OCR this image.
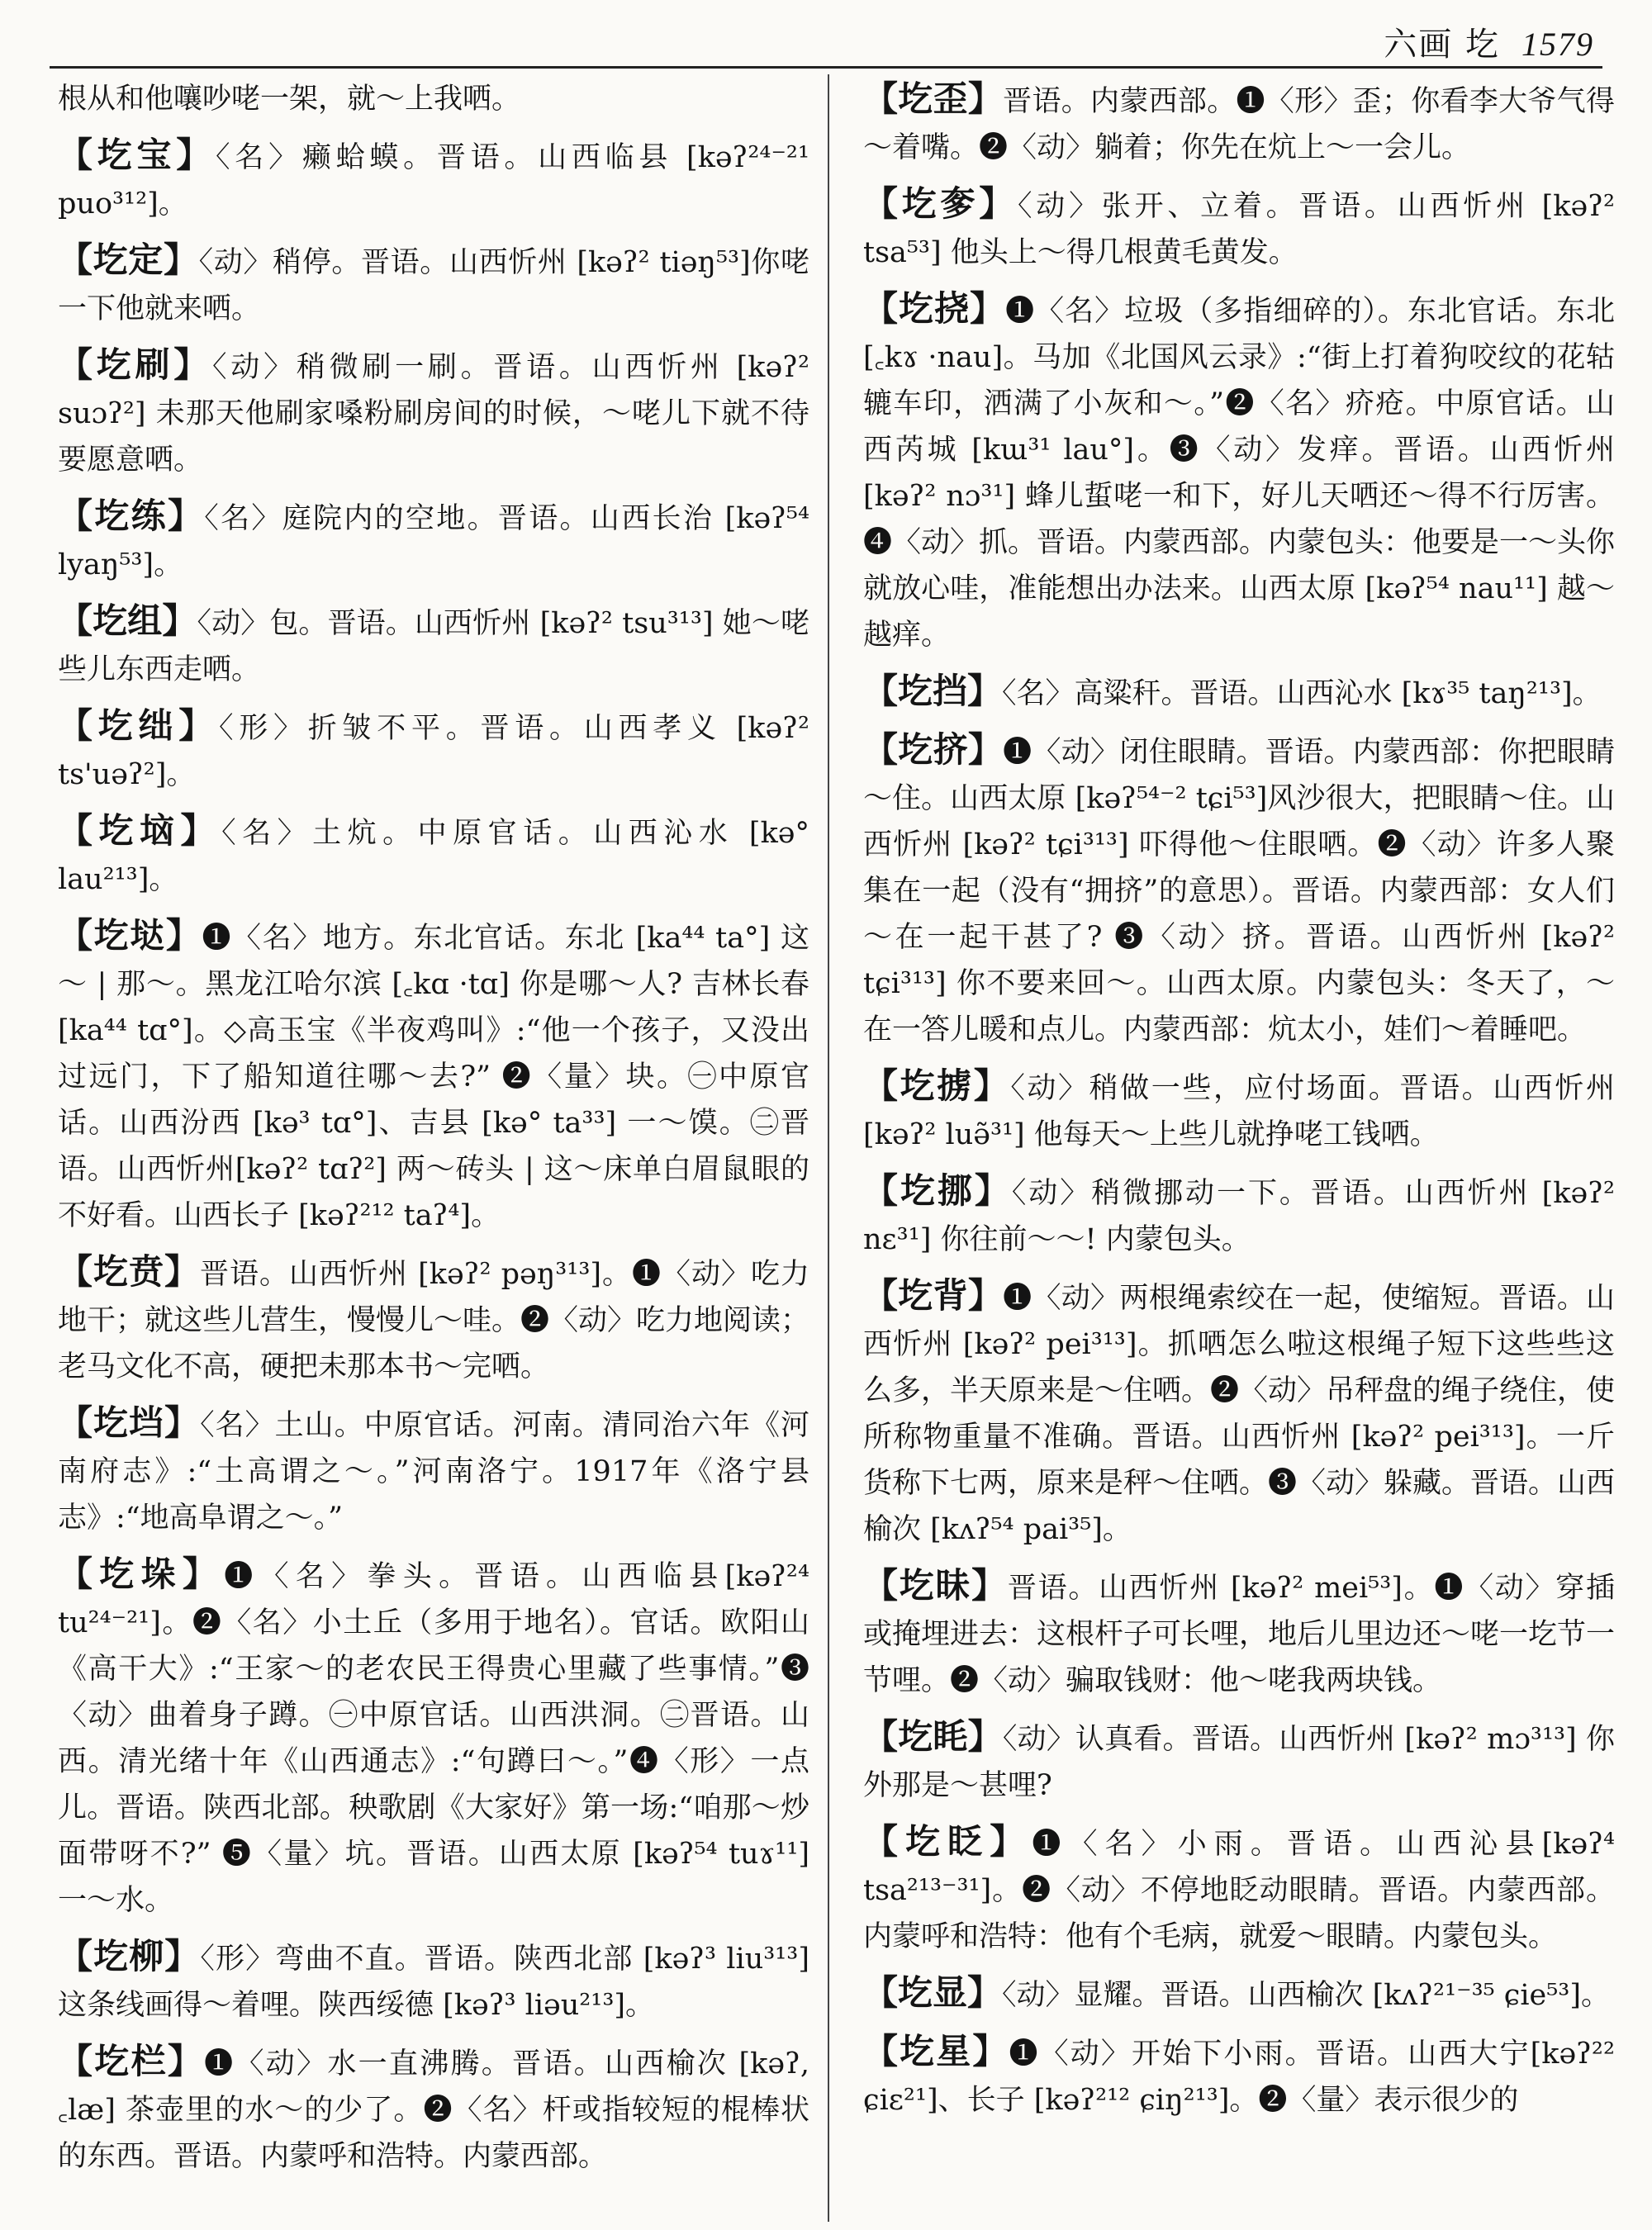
六画 圪 1579

根从和他嚷吵咾一架，就～上我哂。

【圪宝】〈名〉癞蛤蟆。晋语。山西临县 [kəʔ²⁴⁻²¹ puo³¹²]。

【圪定】〈动〉稍停。晋语。山西忻州 [kəʔ² tiəŋ⁵³]你咾一下他就来哂。

【圪刷】〈动〉稍微刷一刷。晋语。山西忻州 [kəʔ² suɔʔ²] 未那天他刷家嗓粉刷房间的时候，～咾儿下就不待要愿意哂。

【圪练】〈名〉庭院内的空地。晋语。山西长治 [kəʔ⁵⁴ lyaŋ⁵³]。

【圪组】〈动〉包。晋语。山西忻州 [kəʔ² tsu³¹³] 她～咾些儿东西走哂。

【圪绌】〈形〉折皱不平。晋语。山西孝义 [kəʔ² ts'uəʔ²]。

【圪垴】〈名〉土炕。中原官话。山西沁水 [kə° lau²¹³]。

【圪垯】❶〈名〉地方。东北官话。东北 [ka⁴⁴ ta°] 这～ | 那～。黑龙江哈尔滨 [꜀kɑ ·tɑ] 你是哪～人? 吉林长春 [ka⁴⁴ tɑ°]。◇高玉宝《半夜鸡叫》:“他一个孩子，又没出过远门，下了船知道往哪～去?” ❷〈量〉块。㊀中原官话。山西汾西 [kə³ tɑ°]、吉县 [kə° ta³³] 一～馍。㊁晋语。山西忻州[kəʔ² tɑʔ²] 两～砖头 | 这～床单白眉鼠眼的不好看。山西长子 [kəʔ²¹² taʔ⁴]。

【圪贲】晋语。山西忻州 [kəʔ² pəŋ³¹³]。❶〈动〉吃力地干；就这些儿营生，慢慢儿～哇。❷〈动〉吃力地阅读；老马文化不高，硬把未那本书～完哂。

【圪垱】〈名〉土山。中原官话。河南。清同治六年《河南府志》:“土高谓之～。”河南洛宁。1917年《洛宁县志》:“地高阜谓之～。”

【圪垛】❶〈名〉拳头。晋语。山西临县[kəʔ²⁴ tu²⁴⁻²¹]。❷〈名〉小土丘（多用于地名）。官话。欧阳山《高干大》:“王家～的老农民王得贵心里藏了些事情。”❸〈动〉曲着身子蹲。㊀中原官话。山西洪洞。㊁晋语。山西。清光绪十年《山西通志》:“句蹲曰～。”❹〈形〉一点儿。晋语。陕西北部。秧歌剧《大家好》第一场:“咱那～炒面带呀不?” ❺〈量〉坑。晋语。山西太原 [kəʔ⁵⁴ tuɤ¹¹] 一～水。

【圪柳】〈形〉弯曲不直。晋语。陕西北部 [kəʔ³ liu³¹³] 这条线画得～着哩。陕西绥德 [kəʔ³ liəu²¹³]。

【圪栏】❶〈动〉水一直沸腾。晋语。山西榆次 [kəʔ, ꜀læ] 茶壶里的水～的少了。❷〈名〉杆或指较短的棍棒状的东西。晋语。内蒙呼和浩特。内蒙西部。

【圪歪】晋语。内蒙西部。❶〈形〉歪；你看李大爷气得～着嘴。❷〈动〉躺着；你先在炕上～一会儿。

【圪奓】〈动〉张开、立着。晋语。山西忻州 [kəʔ² tsa⁵³] 他头上～得几根黄毛黄发。

【圪挠】❶〈名〉垃圾（多指细碎的）。东北官话。东北 [꜀kɤ ·nau]。马加《北国风云录》:“街上打着狗咬纹的花轱辘车印，洒满了小灰和～。”❷〈名〉疥疮。中原官话。山西芮城 [kɯ³¹ lau°]。❸〈动〉发痒。晋语。山西忻州 [kəʔ² nɔ³¹] 蜂儿蜇咾一和下，好儿天哂还～得不行厉害。❹〈动〉抓。晋语。内蒙西部。内蒙包头：他要是一～头你就放心哇，准能想出办法来。山西太原 [kəʔ⁵⁴ nau¹¹] 越～越痒。

【圪挡】〈名〉高粱秆。晋语。山西沁水 [kɤ³⁵ taŋ²¹³]。

【圪挤】❶〈动〉闭住眼睛。晋语。内蒙西部：你把眼睛～住。山西太原 [kəʔ⁵⁴⁻² tɕi⁵³]风沙很大，把眼睛～住。山西忻州 [kəʔ² tɕi³¹³] 吓得他～住眼哂。❷〈动〉许多人聚集在一起（没有“拥挤”的意思）。晋语。内蒙西部：女人们～在一起干甚了? ❸〈动〉挤。晋语。山西忻州 [kəʔ² tɕi³¹³] 你不要来回～。山西太原。内蒙包头：冬天了，～在一答儿暖和点儿。内蒙西部：炕太小，娃们～着睡吧。

【圪掳】〈动〉稍做一些，应付场面。晋语。山西忻州 [kəʔ² luə̃³¹] 他每天～上些儿就挣咾工钱哂。

【圪挪】〈动〉稍微挪动一下。晋语。山西忻州 [kəʔ² nɛ³¹] 你往前～～! 内蒙包头。

【圪背】❶〈动〉两根绳索绞在一起，使缩短。晋语。山西忻州 [kəʔ² pei³¹³]。抓哂怎么啦这根绳子短下这些些这么多，半天原来是～住哂。❷〈动〉吊秤盘的绳子绕住，使所称物重量不准确。晋语。山西忻州 [kəʔ² pei³¹³]。一斤货称下七两，原来是秤～住哂。❸〈动〉躲藏。晋语。山西榆次 [kʌʔ⁵⁴ pai³⁵]。

【圪昧】晋语。山西忻州 [kəʔ² mei⁵³]。❶〈动〉穿插或掩埋进去：这根杆子可长哩，地后儿里边还～咾一圪节一节哩。❷〈动〉骗取钱财：他～咾我两块钱。

【圪眊】〈动〉认真看。晋语。山西忻州 [kəʔ² mɔ³¹³] 你外那是～甚哩?

【圪眨】❶〈名〉小雨。晋语。山西沁县[kəʔ⁴ tsa²¹³⁻³¹]。❷〈动〉不停地眨动眼睛。晋语。内蒙西部。内蒙呼和浩特：他有个毛病，就爱～眼睛。内蒙包头。

【圪显】〈动〉显耀。晋语。山西榆次 [kʌʔ²¹⁻³⁵ ɕie⁵³]。

【圪星】❶〈动〉开始下小雨。晋语。山西大宁[kəʔ²² ɕiɛ²¹]、长子 [kəʔ²¹² ɕiŋ²¹³]。❷〈量〉表示很少的
